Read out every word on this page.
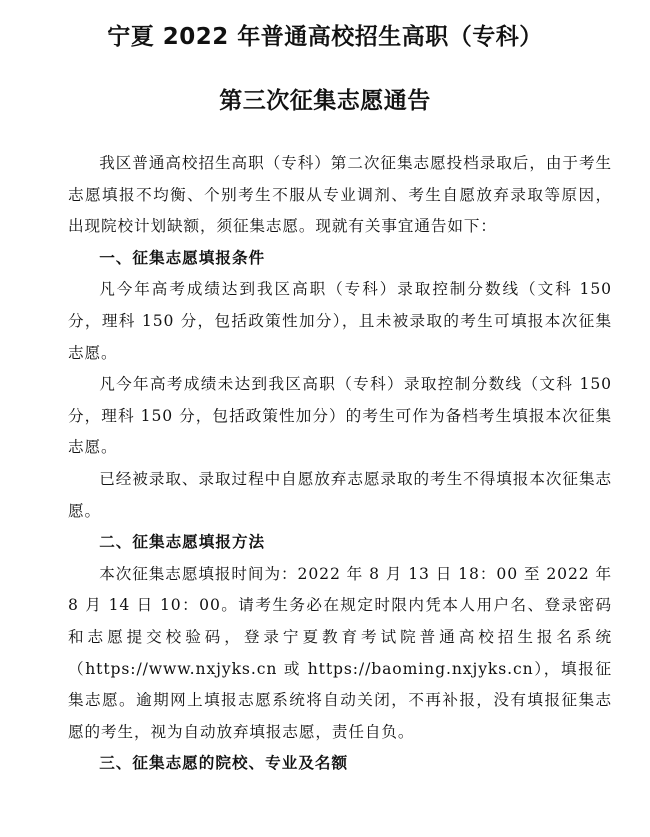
宁夏 2022 年普通高校招生高职（专科）
第三次征集志愿通告

我区普通高校招生高职（专科）第二次征集志愿投档录取后，由于考生志愿填报不均衡、个别考生不服从专业调剂、考生自愿放弃录取等原因，出现院校计划缺额，须征集志愿。现就有关事宜通告如下：

一、征集志愿填报条件

凡今年高考成绩达到我区高职（专科）录取控制分数线（文科 150 分，理科 150 分，包括政策性加分），且未被录取的考生可填报本次征集志愿。

凡今年高考成绩未达到我区高职（专科）录取控制分数线（文科 150 分，理科 150 分，包括政策性加分）的考生可作为备档考生填报本次征集志愿。

已经被录取、录取过程中自愿放弃志愿录取的考生不得填报本次征集志愿。

二、征集志愿填报方法

本次征集志愿填报时间为：2022 年 8 月 13 日 18：00 至 2022 年 8 月 14 日 10：00。请考生务必在规定时限内凭本人用户名、登录密码和志愿提交校验码，登录宁夏教育考试院普通高校招生报名系统（https://www.nxjyks.cn 或 https://baoming.nxjyks.cn），填报征集志愿。逾期网上填报志愿系统将自动关闭，不再补报，没有填报征集志愿的考生，视为自动放弃填报志愿，责任自负。

三、征集志愿的院校、专业及名额
